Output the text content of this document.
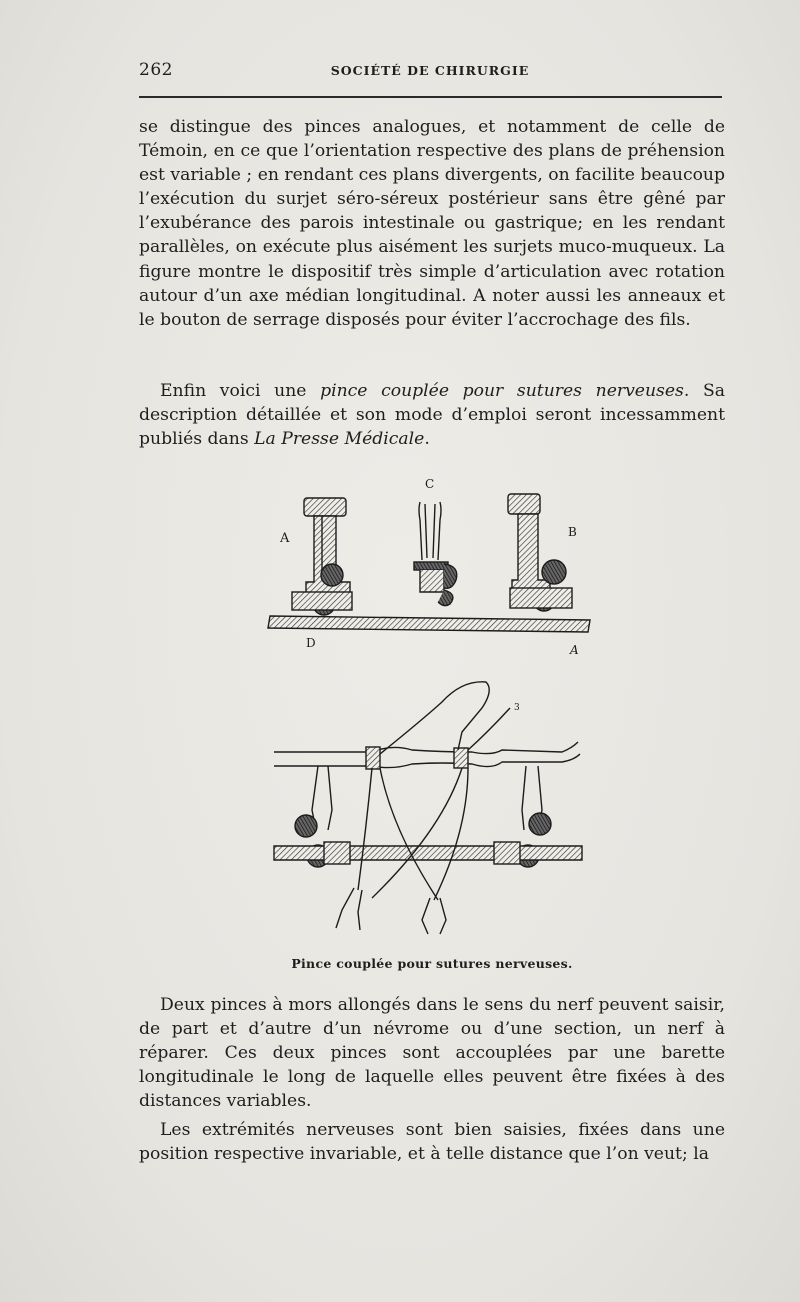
262	SOCIÉTÉ DE CHIRURGIE

se distingue des pinces analogues, et notamment de celle de Témoin, en ce que l’orientation respective des plans de préhension est variable ; en rendant ces plans divergents, on facilite beaucoup l’exécution du surjet séro-séreux postérieur sans être gêné par l’exubérance des parois intestinale ou gastrique; en les rendant parallèles, on exécute plus aisément les surjets muco-muqueux. La figure montre le dispositif très simple d’articulation avec rotation autour d’un axe médian longitudinal. A noter aussi les anneaux et le bouton de serrage disposés pour éviter l’accrochage des fils.

Enfin voici une pince couplée pour sutures nerveuses. Sa description détaillée et son mode d’emploi seront incessamment publiés dans La Presse Médicale.

A
C
B
D	A
3
Pince couplée pour sutures nerveuses.

Deux pinces à mors allongés dans le sens du nerf peuvent saisir, de part et d’autre d’un névrome ou d’une section, un nerf à réparer. Ces deux pinces sont accouplées par une barette longitudinale le long de laquelle elles peuvent être fixées à des distances variables.

Les extrémités nerveuses sont bien saisies, fixées dans une position respective invariable, et à telle distance que l’on veut; la
